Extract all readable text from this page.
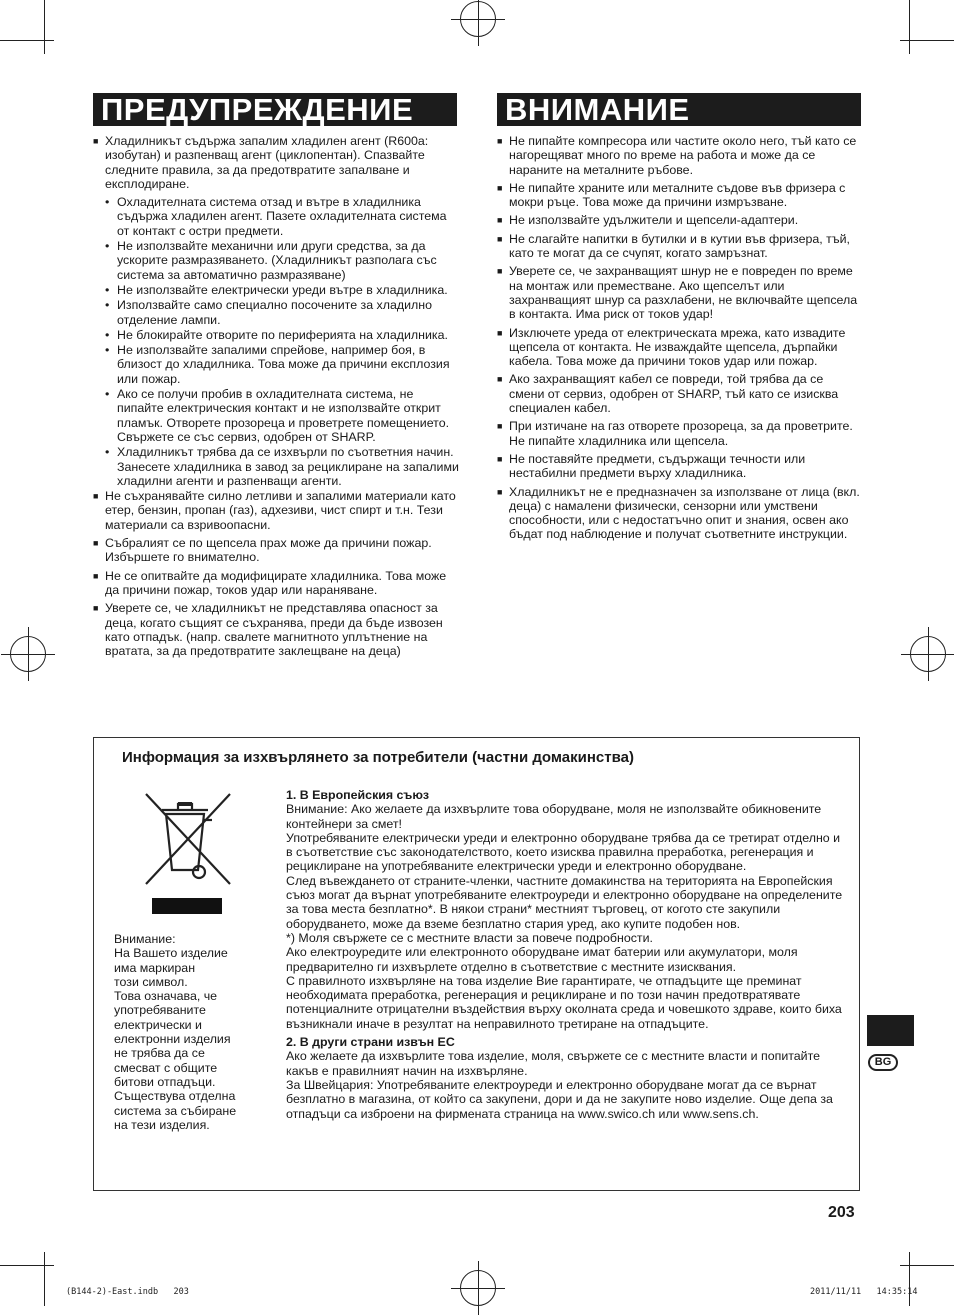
ПРЕДУПРЕЖДЕНИЕ
■ Хладилникът съдържа запалим хладилен агент (R600a: изобутан) и разпенващ агент (циклопентан). Спазвайте следните правила, за да предотвратите запалване и експлодиране.
• Охладителната система отзад и вътре в хладилника съдържа хладилен агент. Пазете охладителната система от контакт с остри предмети.
• Не използвайте механични или други средства, за да ускорите размразяването. (Хладилникът разполага със система за автоматично размразяване)
• Не използвайте електрически уреди вътре в хладилника.
• Използвайте само специално посочените за хладилно отделение лампи.
• Не блокирайте отворите по периферията на хладилника.
• Не използвайте запалими спрейове, например боя, в близост до хладилника. Това може да причини експлозия или пожар.
• Ако се получи пробив в охладителната система, не пипайте електрическия контакт и не използвайте открит пламък. Отворете прозореца и проветрете помещението. Свържете се със сервиз, одобрен от SHARP.
• Хладилникът трябва да се изхвърли по съответния начин. Занесете хладилника в завод за рециклиране на запалими хладилни агенти и разпенващи агенти.
■ Не съхранявайте силно летливи и запалими материали като етер, бензин, пропан (газ), адхезиви, чист спирт и т.н. Тези материали са взривоопасни.
■ Събралият се по щепсела прах може да причини пожар. Избършете го внимателно.
■ Не се опитвайте да модифицирате хладилника. Това може да причини пожар, токов удар или нараняване.
■ Уверете се, че хладилникът не представлява опасност за деца, когато същият се съхранява, преди да бъде извозен като отпадък. (напр. свалете магнитното уплътнение на вратата, за да предотвратите заклещване на деца)
ВНИМАНИЕ
■ Не пипайте компресора или частите около него, тъй като се нагорещяват много по време на работа и може да се нараните на металните ръбове.
■ Не пипайте храните или металните съдове във фризера с мокри ръце. Това може да причини измръзване.
■ Не използвайте удължители и щепсели-адаптери.
■ Не слагайте напитки в бутилки и в кутии във фризера, тъй, като те могат да се счупят, когато замръзнат.
■ Уверете се, че захранващият шнур не е повреден по време на монтаж или преместване. Ако щепселът или захранващият шнур са разхлабени, не включвайте щепсела в контакта. Има риск от токов удар!
■ Изключете уреда от електрическата мрежа, като извадите щепсела от контакта. Не изваждайте щепсела, дърпайки кабела. Това може да причини токов удар или пожар.
■ Ако захранващият кабел се повреди, той трябва да се смени от сервиз, одобрен от SHARP, тъй като се изисква специален кабел.
■ При изтичане на газ отворете прозореца, за да проветрите. Не пипайте хладилника или щепсела.
■ Не поставяйте предмети, съдържащи течности или нестабилни предмети върху хладилника.
■ Хладилникът не е предназначен за използване от лица (вкл. деца) с намалени физически, сензорни или умствени способности, или с недостатъчно опит и знания, освен ако бъдат под наблюдение и получат съответните инструкции.
Информация за изхвърлянето за потребители (частни домакинства)
Внимание:
На Вашето изделие
има маркиран
този символ.
Това означава, че
употребяваните
електрически и
електронни изделия
не трябва да се
смесват с общите
битови отпадъци.
Съществува отделна
система за събиране
на тези изделия.
1. В Европейския съюз

Внимание: Ако желаете да изхвърлите това оборудване, моля не използвайте обикновените контейнери за смет!

Употребяваните електрически уреди и електронно оборудване трябва да се третират отделно и в съответствие със законодателството, което изисква правилна преработка, регенерация и рециклиране на употребяваните електрически уреди и електронно оборудване.

След въвеждането от страните-членки, частните домакинства на територията на Европейския съюз могат да върнат употребяваните електроуреди и електронно оборудване на определените за това места безплатно*. В някои страни* местният търговец, от когото сте закупили оборудването, може да вземе безплатно стария уред, ако купите подобен нов.

*) Моля свържете се с местните власти за повече подробности.

Ако електроуредите или електронното оборудване имат батерии или акумулатори, моля предварително ги изхвърлете отделно в съответствие с местните изисквания.

С правилното изхвърляне на това изделие Вие гарантирате, че отпадъците ще преминат необходимата преработка, регенерация и рециклиране и по този начин предотвратявате потенциалните отрицателни въздействия върху околната среда и човешкото здраве, които биха възникнали иначе в резултат на неправилното третиране на отпадъците.

2. В други страни извън ЕС

Ако желаете да изхвърлите това изделие, моля, свържете се с местните власти и попитайте какъв е правилният начин на изхвърляне.

За Швейцария: Употребяваните електроуреди и електронно оборудване могат да се върнат безплатно в магазина, от който са закупени, дори и да не закупите ново изделие. Още депа за отпадъци са изброени на фирмената страница на www.swico.ch или www.sens.ch.

BG
203
(B144-2)-East.indb   203	2011/11/11   14:35:14
